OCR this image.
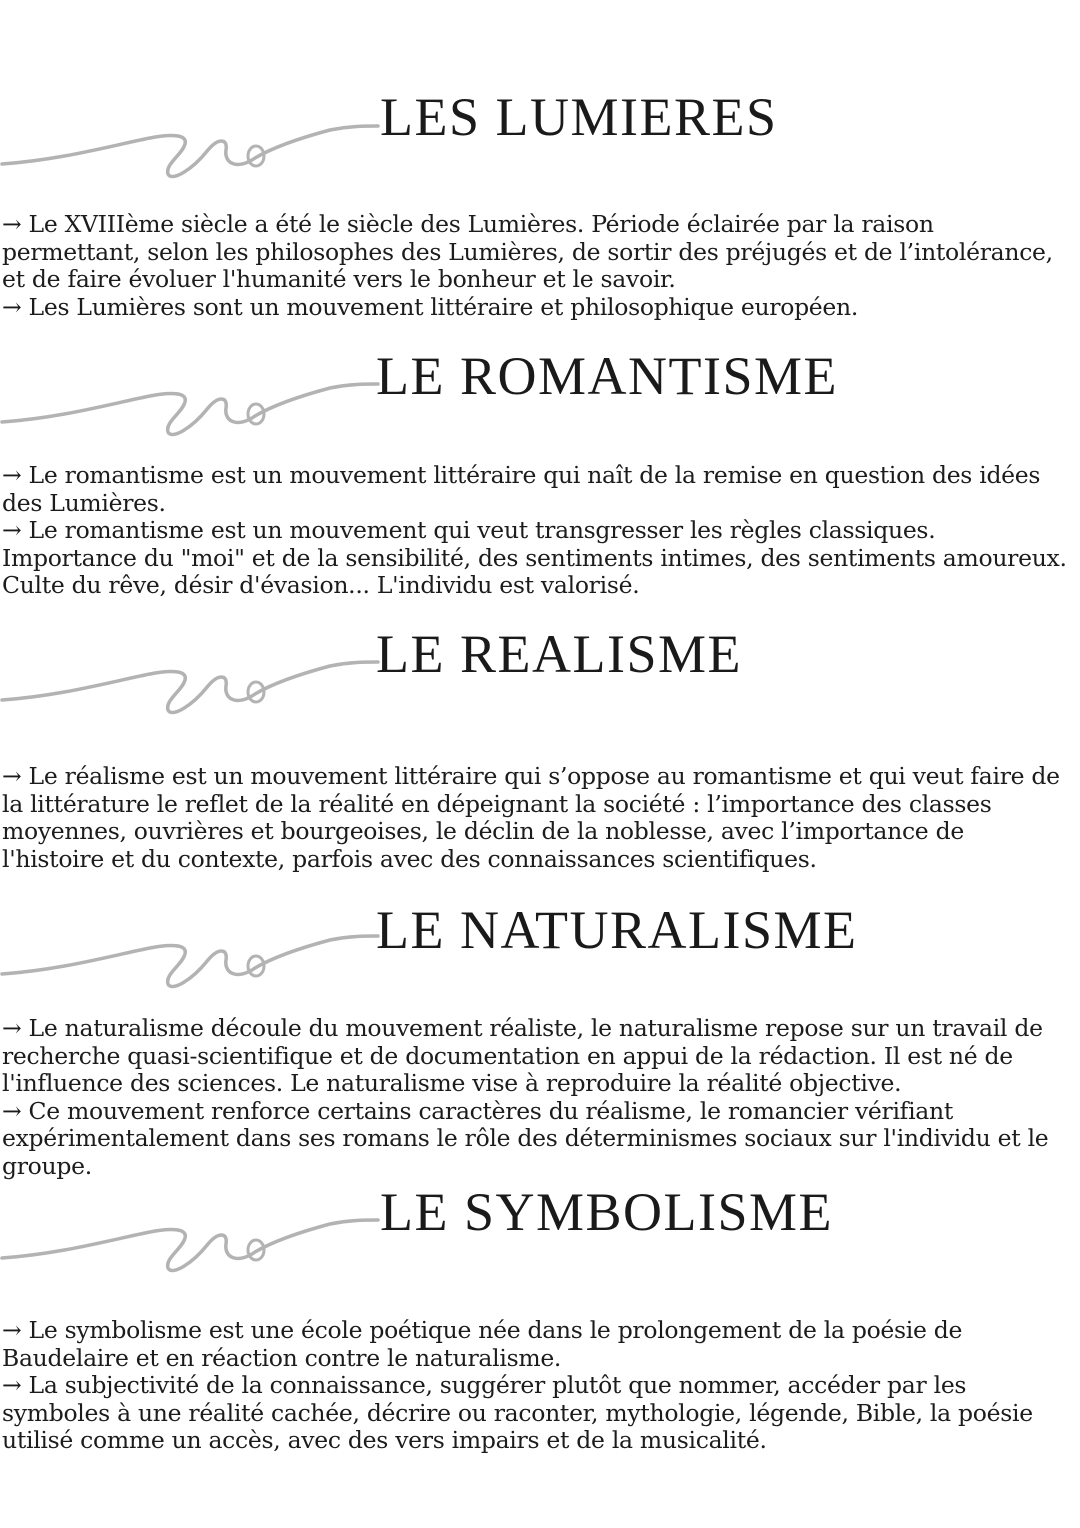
LES LUMIERES

→ Le XVIIIème siècle a été le siècle des Lumières. Période éclairée par la raison permettant, selon les philosophes des Lumières, de sortir des préjugés et de l’intolérance, et de faire évoluer l'humanité vers le bonheur et le savoir.

→ Les Lumières sont un mouvement littéraire et philosophique européen.

LE ROMANTISME

→ Le romantisme est un mouvement littéraire qui naît de la remise en question des idées des Lumières.

→ Le romantisme est un mouvement qui veut transgresser les règles classiques. Importance du "moi" et de la sensibilité, des sentiments intimes, des sentiments amoureux. Culte du rêve, désir d'évasion... L'individu est valorisé.

LE REALISME

→ Le réalisme est un mouvement littéraire qui s’oppose au romantisme et qui veut faire de la littérature le reflet de la réalité en dépeignant la société : l’importance des classes moyennes, ouvrières et bourgeoises, le déclin de la noblesse, avec l’importance de l'histoire et du contexte, parfois avec des connaissances scientifiques.

LE NATURALISME

→ Le naturalisme découle du mouvement réaliste, le naturalisme repose sur un travail de recherche quasi-scientifique et de documentation en appui de la rédaction. Il est né de l'influence des sciences. Le naturalisme vise à reproduire la réalité objective.

→ Ce mouvement renforce certains caractères du réalisme, le romancier vérifiant expérimentalement dans ses romans le rôle des déterminismes sociaux sur l'individu et le groupe.

LE SYMBOLISME

→ Le symbolisme est une école poétique née dans le prolongement de la poésie de Baudelaire et en réaction contre le naturalisme.

→ La subjectivité de la connaissance, suggérer plutôt que nommer, accéder par les symboles à une réalité cachée, décrire ou raconter, mythologie, légende, Bible, la poésie utilisé comme un accès, avec des vers impairs et de la musicalité.
